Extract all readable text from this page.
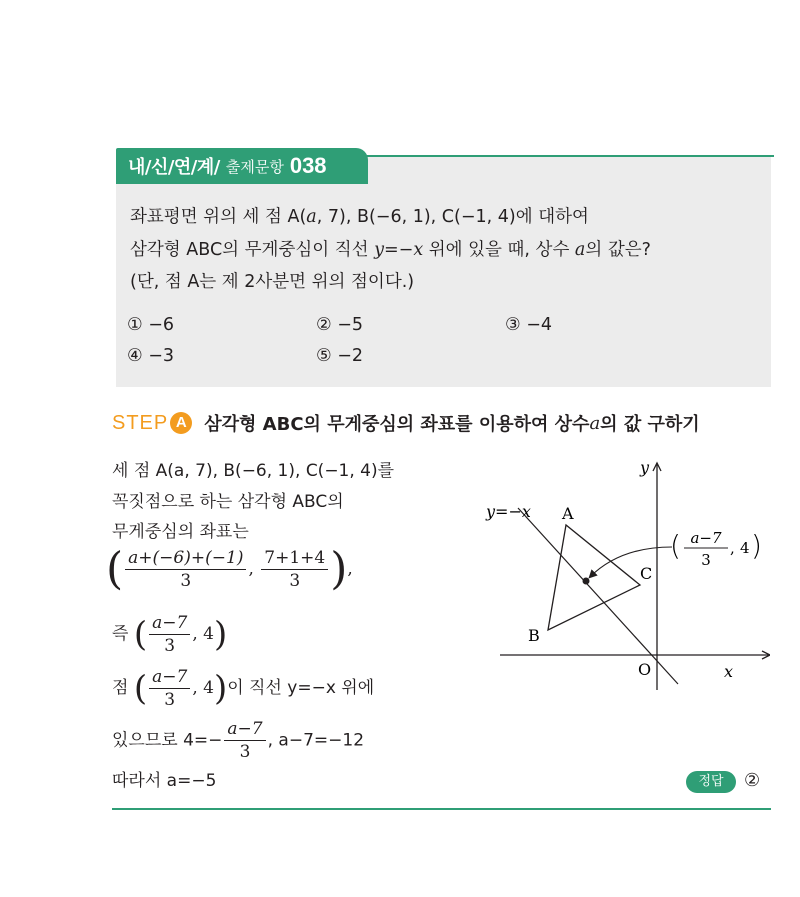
내/신/연/계/ 출제문항 038
좌표평면 위의 세 점 A(a, 7), B(−6, 1), C(−1, 4)에 대하여
삼각형 ABC의 무게중심이 직선 y=−x 위에 있을 때, 상수 a의 값은?
(단, 점 A는 제 2사분면 위의 점이다.)
① −6	② −5	③ −4
④ −3	⑤ −2
STEP A 삼각형 ABC의 무게중심의 좌표를 이용하여 상수 a 의 값 구하기
세 점 A(a, 7), B(−6, 1), C(−1, 4)를
꼭짓점으로 하는 삼각형 ABC의
무게중심의 좌표는
( $\frac{a+(-6)+(-1)}{3}$ , $\frac{7+1+4}{3}$ ),
즉 ( $\frac{a-7}{3}$ , 4)
점 ( $\frac{a-7}{3}$ , 4)이 직선 y=−x 위에
있으므로 $4=- \frac{a-7}{3}$ , a−7=−12
따라서 a=−5
y=−x
y
x
O
A
B
C
( a−7
3
, 4 )
정답	②
